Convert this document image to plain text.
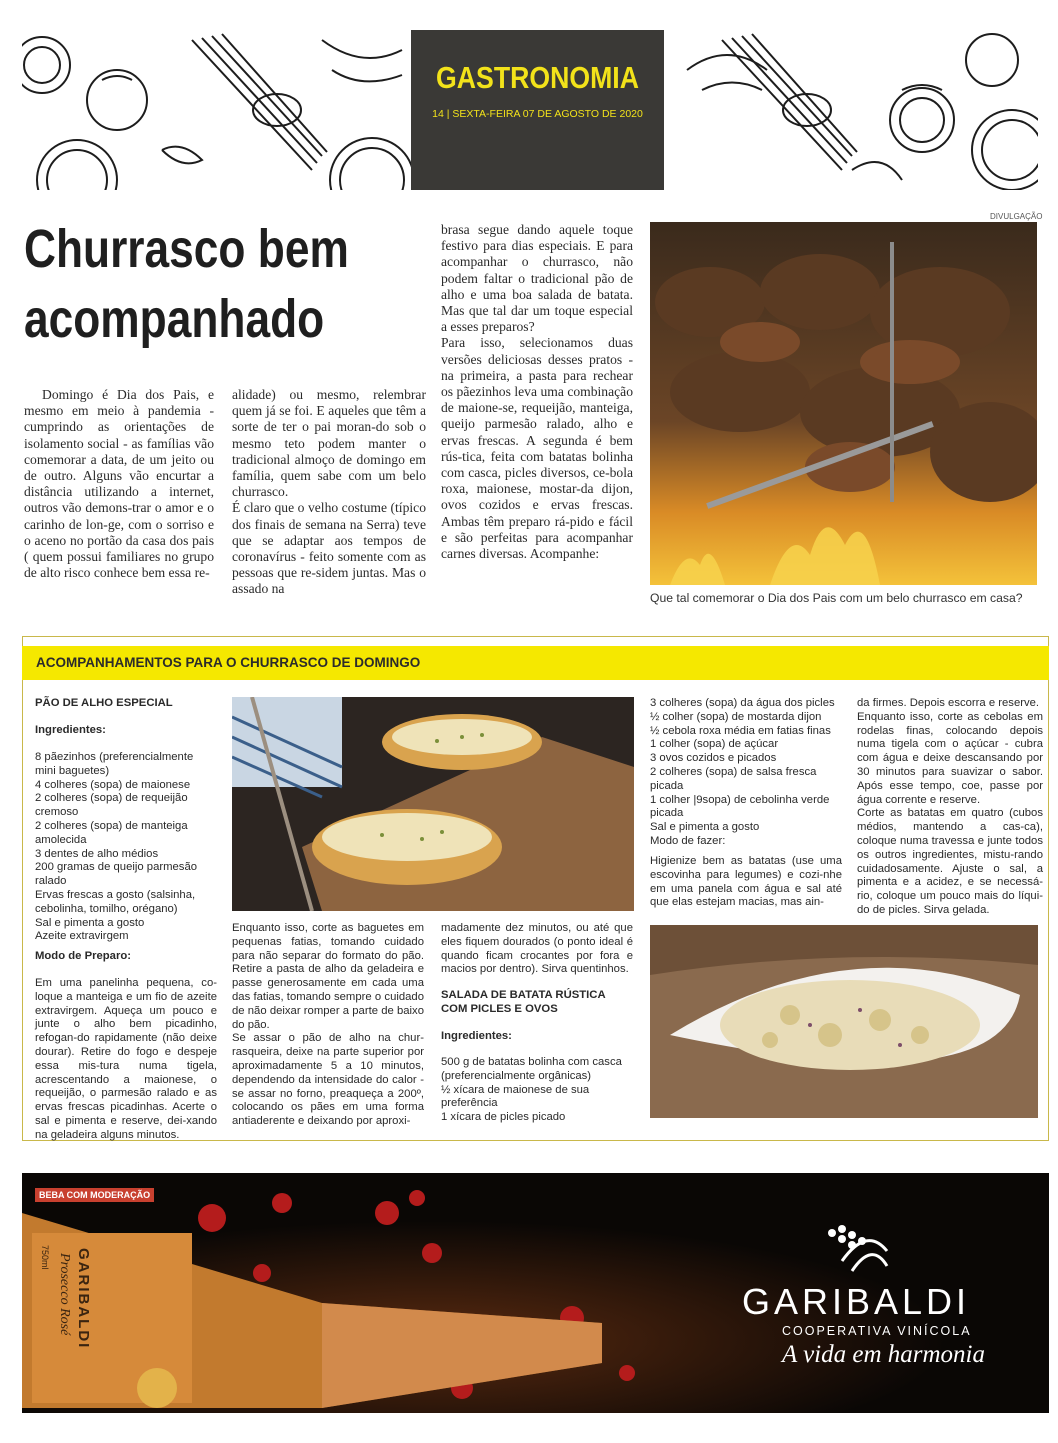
GASTRONOMIA
14 | SEXTA-FEIRA 07 DE AGOSTO DE 2020
Churrasco bem
acompanhado
Domingo é Dia dos Pais, e mesmo em meio à pandemia - cumprindo as orientações de isolamento social - as famílias vão comemorar a data, de um jeito ou de outro. Alguns vão encurtar a distância utilizando a internet, outros vão demons-trar o amor e o carinho de lon-ge, com o sorriso e o aceno no portão da casa dos pais ( quem possui familiares no grupo de alto risco conhece bem essa re-
alidade) ou mesmo, relembrar quem já se foi. E aqueles que têm a sorte de ter o pai moran-do sob o mesmo teto podem manter o tradicional almoço de domingo em família, quem sabe com um belo churrasco.
É claro que o velho costume (típico dos finais de semana na Serra) teve que se adaptar aos tempos de coronavírus - feito somente com as pessoas que re-sidem juntas. Mas o assado na
brasa segue dando aquele toque festivo para dias especiais. E para acompanhar o churrasco, não podem faltar o tradicional pão de alho e uma boa salada de batata. Mas que tal dar um toque especial a esses preparos?
Para isso, selecionamos duas versões deliciosas desses pratos - na primeira, a pasta para rechear os pãezinhos leva uma combinação de maione-se, requeijão, manteiga, queijo parmesão ralado, alho e ervas frescas. A segunda é bem rús-tica, feita com batatas bolinha com casca, picles diversos, ce-bola roxa, maionese, mostar-da dijon, ovos cozidos e ervas frescas. Ambas têm preparo rá-pido e fácil e são perfeitas para acompanhar carnes diversas. Acompanhe:
DIVULGAÇÃO
Que tal comemorar o Dia dos Pais com um belo churrasco em casa?
ACOMPANHAMENTOS PARA O CHURRASCO DE DOMINGO
PÃO DE ALHO ESPECIAL
Ingredientes:
8 pãezinhos (preferencialmente mini baguetes)
4 colheres (sopa) de maionese
2 colheres (sopa) de requeijão cremoso
2 colheres (sopa) de manteiga amolecida
3 dentes de alho médios
200 gramas de queijo parmesão ralado
Ervas frescas a gosto (salsinha, cebolinha, tomilho, orégano)
Sal e pimenta a gosto
Azeite extravirgem
Modo de Preparo:
Em uma panelinha pequena, co-loque a manteiga e um fio de azeite extravirgem. Aqueça um pouco e junte o alho bem picadinho, refogan-do rapidamente (não deixe dourar). Retire do fogo e despeje essa mis-tura numa tigela, acrescentando a maionese, o requeijão, o parmesão ralado e as ervas frescas picadinhas. Acerte o sal e pimenta e reserve, dei-xando na geladeira alguns minutos.
Enquanto isso, corte as baguetes em pequenas fatias, tomando cuidado para não separar do formato do pão. Retire a pasta de alho da geladeira e passe generosamente em cada uma das fatias, tomando sempre o cuidado de não deixar romper a parte de baixo do pão.
Se assar o pão de alho na chur-rasqueira, deixe na parte superior por aproximadamente 5 a 10 minutos, dependendo da intensidade do calor - se assar no forno, preaqueça a 200º, colocando os pães em uma forma antiaderente e deixando por aproxi-
madamente dez minutos, ou até que eles fiquem dourados (o ponto ideal é quando ficam crocantes por fora e macios por dentro). Sirva quentinhos.
SALADA DE BATATA RÚSTICA COM PICLES E OVOS
Ingredientes:
500 g de batatas bolinha com casca (preferencialmente orgânicas)
½ xícara de maionese de sua preferência
1 xícara de picles picado
3 colheres (sopa) da água dos picles
½ colher (sopa) de mostarda dijon
½ cebola roxa média em fatias finas
1 colher (sopa) de açúcar
3 ovos cozidos e picados
2 colheres (sopa) de salsa fresca picada
1 colher |9sopa) de cebolinha verde picada
Sal e pimenta a gosto
Modo de fazer:
Higienize bem as batatas (use uma escovinha para legumes) e cozi-nhe em uma panela com água e sal até que elas estejam macias, mas ain-
da firmes. Depois escorra e reserve.
Enquanto isso, corte as cebolas em rodelas finas, colocando depois numa tigela com o açúcar - cubra com água e deixe descansando por 30 minutos para suavizar o sabor. Após esse tempo, coe, passe por água corrente e reserve.
Corte as batatas em quatro (cubos médios, mantendo a cas-ca), coloque numa travessa e junte todos os outros ingredientes, mistu-rando cuidadosamente. Ajuste o sal, a pimenta e a acidez, e se necessá-rio, coloque um pouco mais do líqui-do de picles. Sirva gelada.
BEBA COM MODERAÇÃO
GARIBALDI
Prosecco Rosé
750ml
GARIBALDI
COOPERATIVA VINÍCOLA
A vida em harmonia
